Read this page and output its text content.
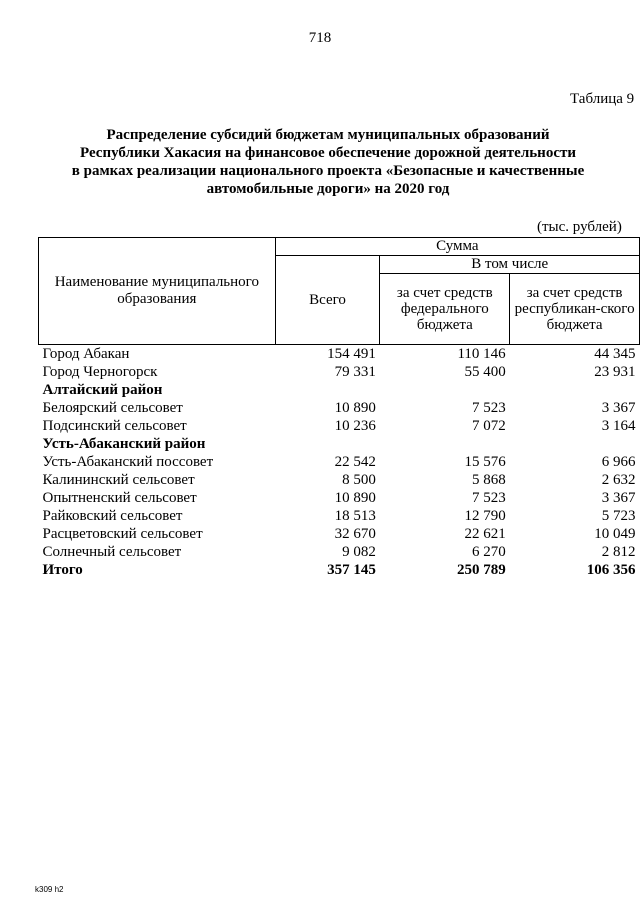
718
Таблица 9
Распределение субсидий бюджетам муниципальных образований
Республики Хакасия на финансовое обеспечение дорожной деятельности
в рамках реализации национального проекта «Безопасные и качественные
автомобильные дороги» на 2020 год
(тыс. рублей)
Наименование муниципального образования	Сумма		
	Всего	В том числе	
		за счет средств федерального бюджета	за счет средств республикан-ского бюджета
Город Абакан	154 491	110 146	44 345
Город Черногорск	79 331	55 400	23 931
Алтайский район			
Белоярский сельсовет	10 890	7 523	3 367
Подсинский сельсовет	10 236	7 072	3 164
Усть-Абаканский район			
Усть-Абаканский поссовет	22 542	15 576	6 966
Калининский сельсовет	8 500	5 868	2 632
Опытненский сельсовет	10 890	7 523	3 367
Райковский сельсовет	18 513	12 790	5 723
Расцветовский сельсовет	32 670	22 621	10 049
Солнечный сельсовет	9 082	6 270	2 812
Итого	357 145	250 789	106 356
k309 h2
